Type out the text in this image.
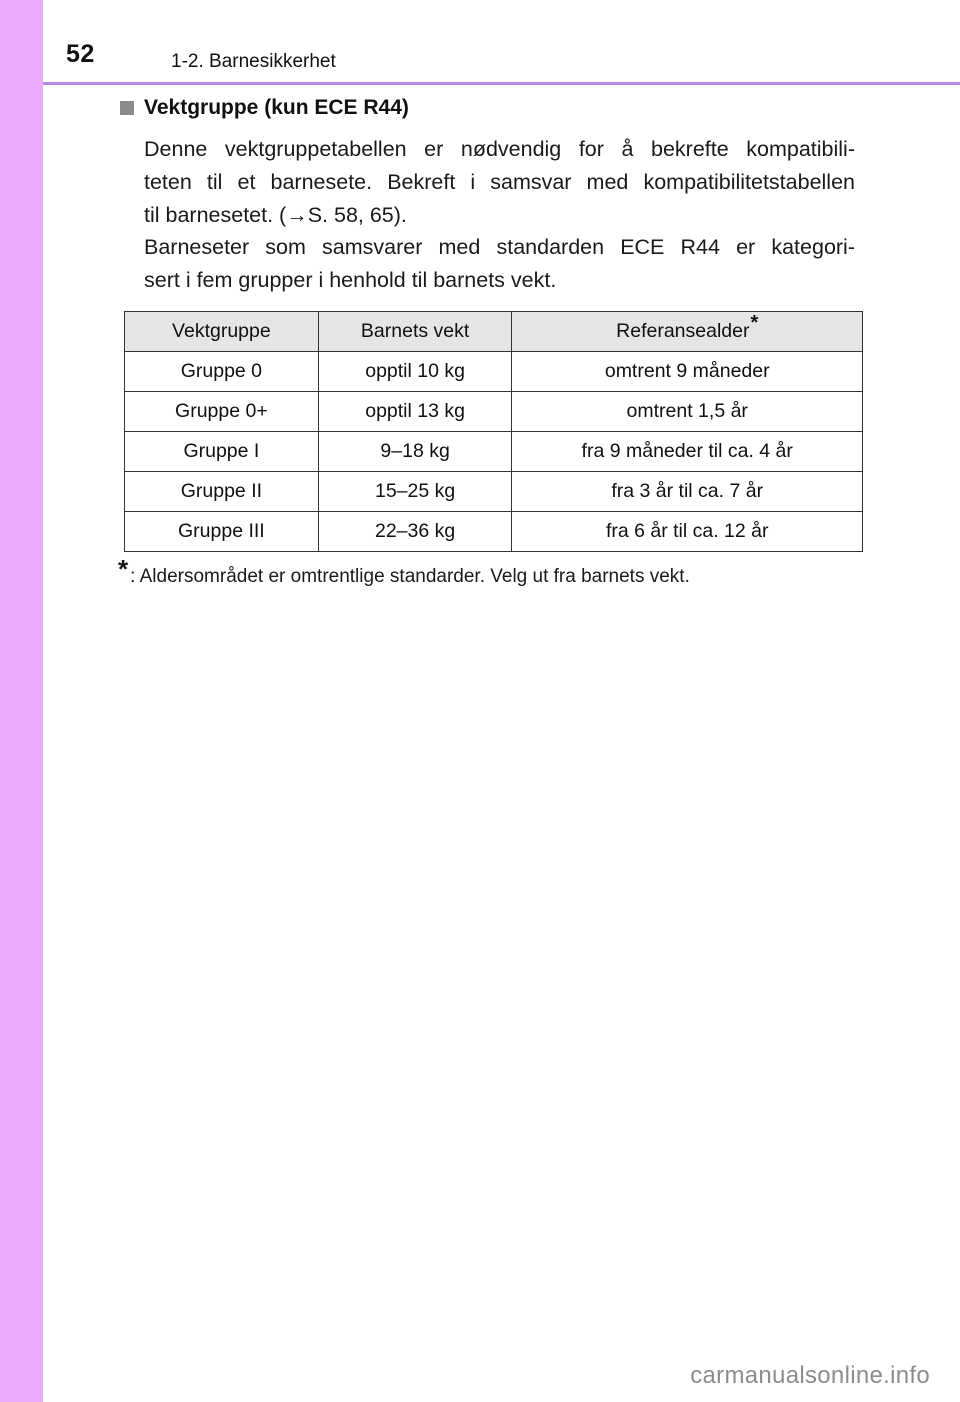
52	1-2. Barnesikkerhet
Vektgruppe (kun ECE R44)
Denne vektgruppetabellen er nødvendig for å bekrefte kompatibili-
teten til et barnesete. Bekreft i samsvar med kompatibilitetstabellen
til barnesetet. (→S. 58, 65).
Barneseter som samsvarer med standarden ECE R44 er kategori-
sert i fem grupper i henhold til barnets vekt.
Vektgruppe	Barnets vekt	Referansealder*
Gruppe 0	opptil 10 kg	omtrent 9 måneder
Gruppe 0+	opptil 13 kg	omtrent 1,5 år
Gruppe I	9–18 kg	fra 9 måneder til ca. 4 år
Gruppe II	15–25 kg	fra 3 år til ca. 7 år
Gruppe III	22–36 kg	fra 6 år til ca. 12 år
* : Aldersområdet er omtrentlige standarder. Velg ut fra barnets vekt.
carmanualsonline.info
